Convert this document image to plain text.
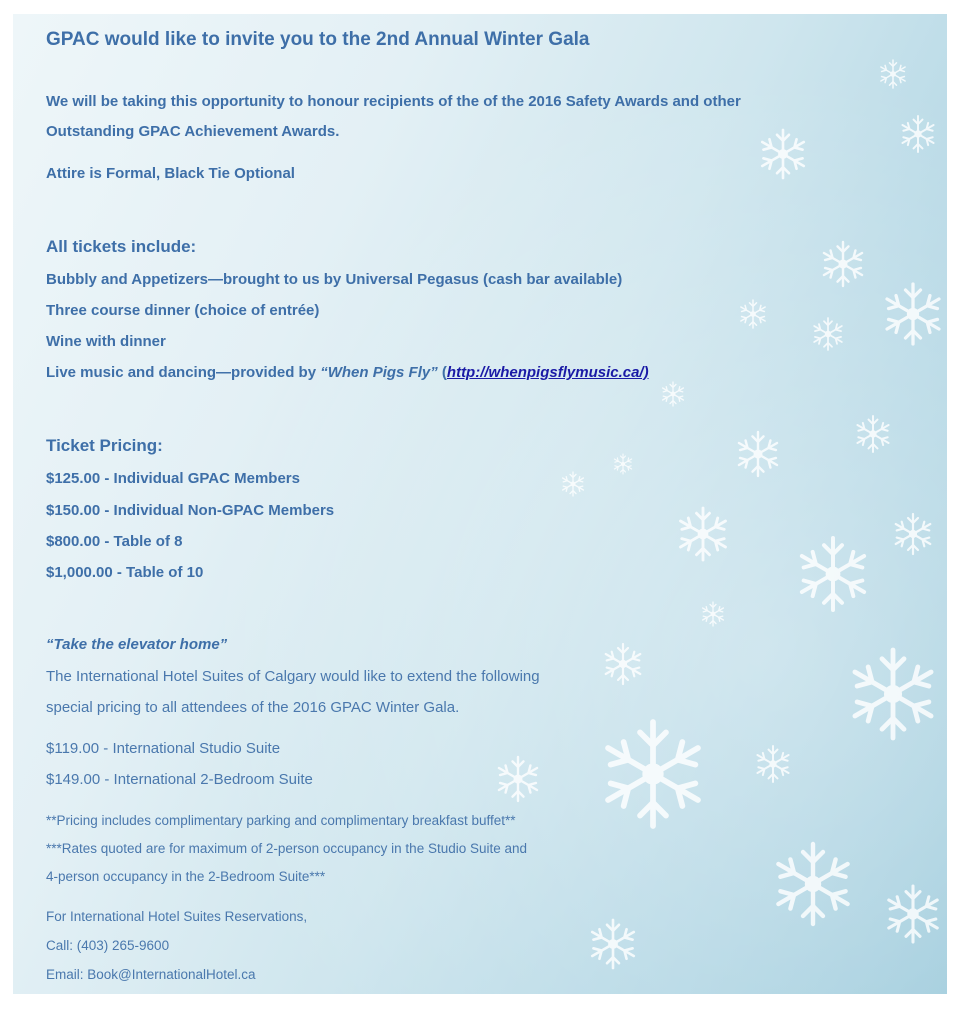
GPAC would like to invite you to the 2nd Annual Winter Gala
We will be taking this opportunity to honour recipients of the of the 2016 Safety Awards and other
Outstanding GPAC Achievement Awards.
Attire is Formal, Black Tie Optional
All tickets include:
Bubbly and Appetizers—brought to us by Universal Pegasus (cash bar available)
Three course dinner (choice of entrée)
Wine with dinner
Live music and dancing—provided by “When Pigs Fly” (http://whenpigsflymusic.ca/)
Ticket Pricing:
$125.00 - Individual GPAC Members
$150.00 - Individual Non-GPAC Members
$800.00 - Table of 8
$1,000.00 - Table of 10
“Take the elevator home”
The International Hotel Suites of Calgary would like to extend the following
special pricing to all attendees of the 2016 GPAC Winter Gala.
$119.00 - International Studio Suite
$149.00 - International 2-Bedroom Suite
**Pricing includes complimentary parking and complimentary breakfast buffet**
***Rates quoted are for maximum of 2-person occupancy in the Studio Suite and
4-person occupancy in the 2-Bedroom Suite***
For International Hotel Suites Reservations,
Call: (403) 265-9600
Email: Book@InternationalHotel.ca
